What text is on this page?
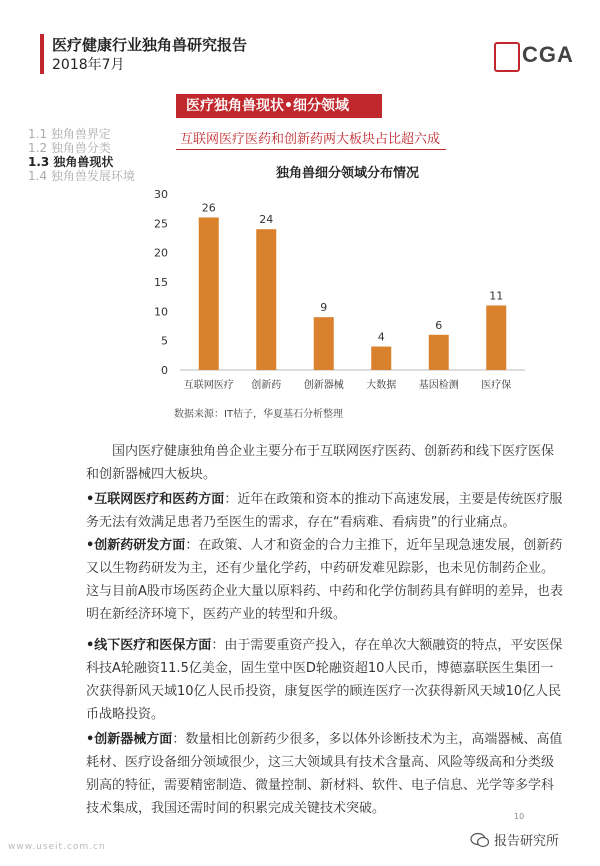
医疗健康行业独角兽研究报告
2018年7月	CGA
医疗独角兽现状•细分领域
互联网医疗医药和创新药两大板块占比超六成
1.1 独角兽界定
1.2 独角兽分类
1.3 独角兽现状
1.4 独角兽发展环境	独角兽细分领域分布情况
0
5
10
15
20
25
30
26
互联网医疗
24
创新药
9
创新器械
4
大数据
6
基因检测
11
医疗保
数据来源：IT桔子，华夏基石分析整理

国内医疗健康独角兽企业主要分布于互联网医疗医药、创新药和线下医疗医保和创新器械四大板块。

•互联网医疗和医药方面：近年在政策和资本的推动下高速发展，主要是传统医疗服务无法有效满足患者乃至医生的需求，存在“看病难、看病贵”的行业痛点。

•创新药研发方面：在政策、人才和资金的合力主推下，近年呈现急速发展，创新药又以生物药研发为主，还有少量化学药，中药研发难见踪影，也未见仿制药企业。这与目前A股市场医药企业大量以原料药、中药和化学仿制药具有鲜明的差异，也表明在新经济环境下，医药产业的转型和升级。

•线下医疗和医保方面：由于需要重资产投入，存在单次大额融资的特点，平安医保科技A轮融资11.5亿美金，固生堂中医D轮融资超10人民币，博德嘉联医生集团一次获得新风天域10亿人民币投资，康复医学的顾连医疗一次获得新风天域10亿人民币战略投资。

•创新器械方面：数量相比创新药少很多，多以体外诊断技术为主，高端器械、高值耗材、医疗设备细分领域很少，这三大领域具有技术含量高、风险等级高和分类级别高的特征，需要精密制造、微量控制、新材料、软件、电子信息、光学等多学科技术集成，我国还需时间的积累完成关键技术突破。

10
www.useit.com.cn	报告研究所
